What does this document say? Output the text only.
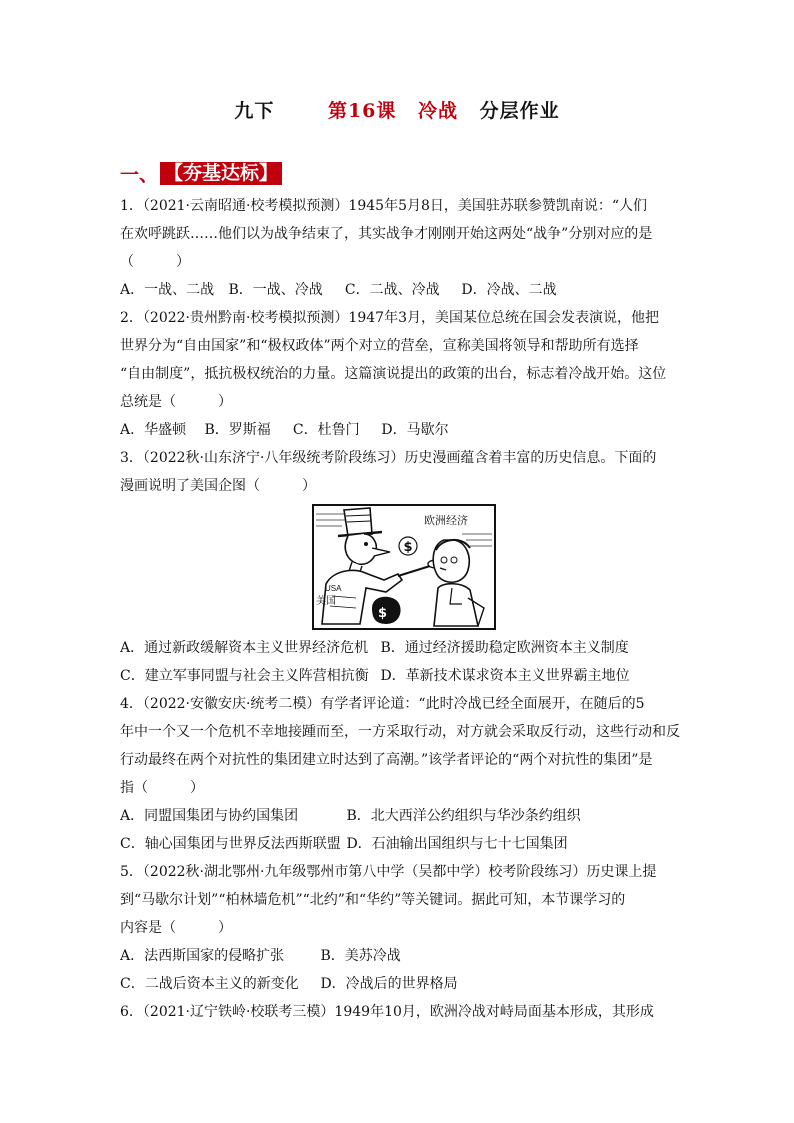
九下	第16课 冷战 分层作业
一、 【夯基达标】
1．（2021·云南昭通·校考模拟预测）1945年5月8日，美国驻苏联参赞凯南说：“人们
在欢呼跳跃……他们以为战争结束了，其实战争才刚刚开始这两处“战争”分别对应的是
（　　　）
A．一战、二战 B．一战、冷战 C．二战、冷战 D．冷战、二战
2．（2022·贵州黔南·校考模拟预测）1947年3月，美国某位总统在国会发表演说，他把
世界分为“自由国家”和“极权政体”两个对立的营垒，宣称美国将领导和帮助所有选择
“自由制度”，抵抗极权统治的力量。这篇演说提出的政策的出台，标志着冷战开始。这位
总统是（　　　）
A．华盛顿 B．罗斯福 C．杜鲁门 D．马歇尔
3．（2022秋·山东济宁·八年级统考阶段练习）历史漫画蕴含着丰富的历史信息。下面的
漫画说明了美国企图（　　　）
USA
美国
$
$
欧洲经济
A．通过新政缓解资本主义世界经济危机 B．通过经济援助稳定欧洲资本主义制度
C．建立军事同盟与社会主义阵营相抗衡 D．革新技术谋求资本主义世界霸主地位
4．（2022·安徽安庆·统考二模）有学者评论道：“此时冷战已经全面展开，在随后的5
年中一个又一个危机不幸地接踵而至，一方采取行动，对方就会采取反行动，这些行动和反
行动最终在两个对抗性的集团建立时达到了高潮。”该学者评论的“两个对抗性的集团”是
指（　　　）
A．同盟国集团与协约国集团	B．北大西洋公约组织与华沙条约组织
C．轴心国集团与世界反法西斯联盟 D．石油输出国组织与七十七国集团
5．（2022秋·湖北鄂州·九年级鄂州市第八中学（吴都中学）校考阶段练习）历史课上提
到“马歇尔计划”“柏林墙危机”“北约”和“华约”等关键词。据此可知，本节课学习的
内容是（　　　）
A．法西斯国家的侵略扩张	B．美苏冷战
C．二战后资本主义的新变化 D．冷战后的世界格局
6．（2021·辽宁铁岭·校联考三模）1949年10月，欧洲冷战对峙局面基本形成，其形成
